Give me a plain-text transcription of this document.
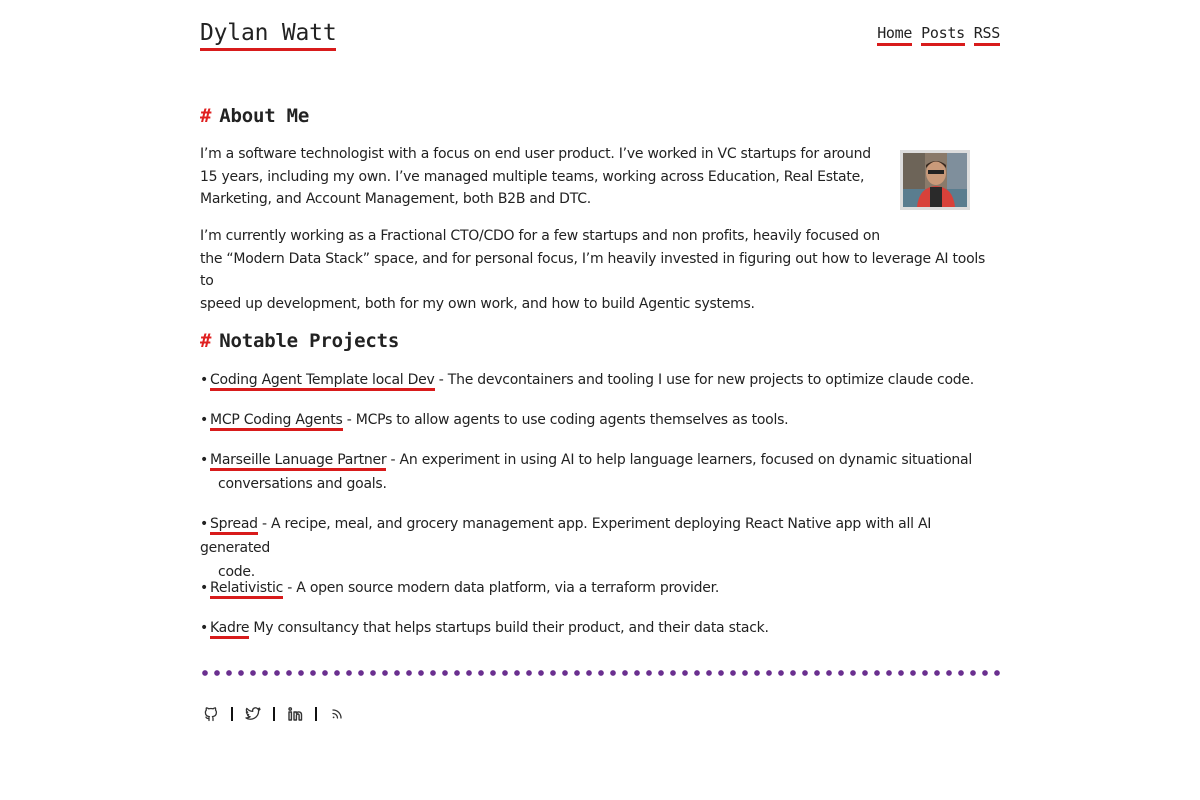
Dylan Watt	Home Posts RSS
# About Me
I’m a software technologist with a focus on end user product. I’ve worked in VC startups for around
15 years, including my own. I’ve managed multiple teams, working across Education, Real Estate,
Marketing, and Account Management, both B2B and DTC.
I’m currently working as a Fractional CTO/CDO for a few startups and non profits, heavily focused on
the “Modern Data Stack” space, and for personal focus, I’m heavily invested in figuring out how to leverage AI tools to
speed up development, both for my own work, and how to build Agentic systems.
# Notable Projects
• Coding Agent Template local Dev - The devcontainers and tooling I use for new projects to optimize claude code.
• MCP Coding Agents - MCPs to allow agents to use coding agents themselves as tools.
• Marseille Lanuage Partner - An experiment in using AI to help language learners, focused on dynamic situational
conversations and goals.
• Spread - A recipe, meal, and grocery management app. Experiment deploying React Native app with all AI generated
code.
• Relativistic - A open source modern data platform, via a terraform provider.
• Kadre My consultancy that helps startups build their product, and their data stack.
